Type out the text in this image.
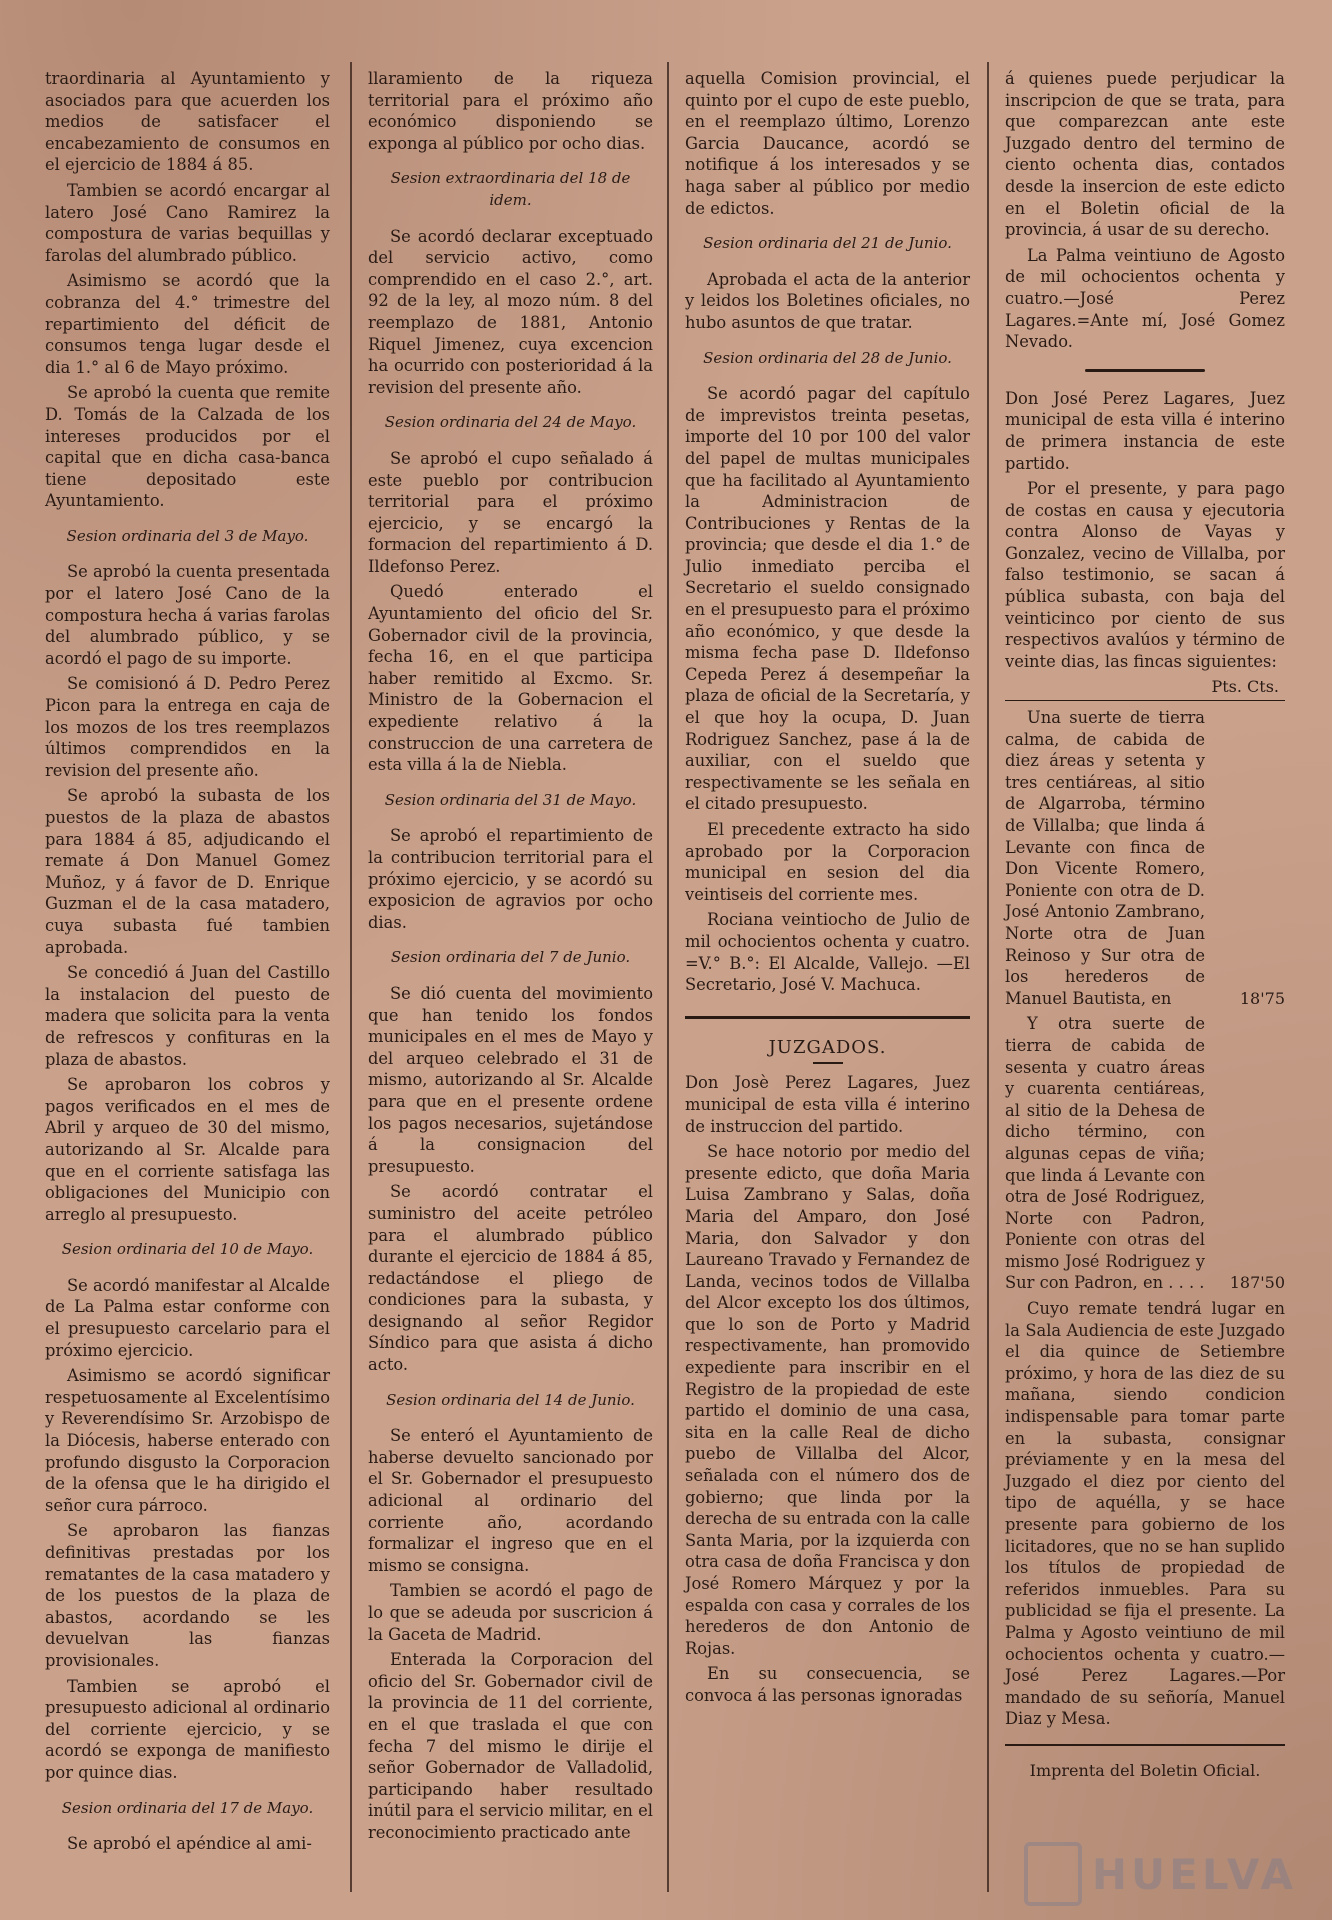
traordinaria al Ayuntamiento y asociados para que acuerden los medios de satisfacer el encabezamiento de consumos en el ejercicio de 1884 á 85.

Tambien se acordó encargar al latero José Cano Ramirez la compostura de varias bequillas y farolas del alumbrado público.

Asimismo se acordó que la cobranza del 4.° trimestre del repartimiento del déficit de consumos tenga lugar desde el dia 1.° al 6 de Mayo próximo.

Se aprobó la cuenta que remite D. Tomás de la Calzada de los intereses producidos por el capital que en dicha casa-banca tiene depositado este Ayuntamiento.

Sesion ordinaria del 3 de Mayo.

Se aprobó la cuenta presentada por el latero José Cano de la compostura hecha á varias farolas del alumbrado público, y se acordó el pago de su importe.

Se comisionó á D. Pedro Perez Picon para la entrega en caja de los mozos de los tres reemplazos últimos comprendidos en la revision del presente año.

Se aprobó la subasta de los puestos de la plaza de abastos para 1884 á 85, adjudicando el remate á Don Manuel Gomez Muñoz, y á favor de D. Enrique Guzman el de la casa matadero, cuya subasta fué tambien aprobada.

Se concedió á Juan del Castillo la instalacion del puesto de madera que solicita para la venta de refrescos y confituras en la plaza de abastos.

Se aprobaron los cobros y pagos verificados en el mes de Abril y arqueo de 30 del mismo, autorizando al Sr. Alcalde para que en el corriente satisfaga las obligaciones del Municipio con arreglo al presupuesto.

Sesion ordinaria del 10 de Mayo.

Se acordó manifestar al Alcalde de La Palma estar conforme con el presupuesto carcelario para el próximo ejercicio.

Asimismo se acordó significar respetuosamente al Excelentísimo y Reverendísimo Sr. Arzobispo de la Diócesis, haberse enterado con profundo disgusto la Corporacion de la ofensa que le ha dirigido el señor cura párroco.

Se aprobaron las fianzas definitivas prestadas por los rematantes de la casa matadero y de los puestos de la plaza de abastos, acordando se les devuelvan las fianzas provisionales.

Tambien se aprobó el presupuesto adicional al ordinario del corriente ejercicio, y se acordó se exponga de manifiesto por quince dias.

Sesion ordinaria del 17 de Mayo.

Se aprobó el apéndice al ami-

llaramiento de la riqueza territorial para el próximo año económico disponiendo se exponga al público por ocho dias.

Sesion extraordinaria del 18 de idem.

Se acordó declarar exceptuado del servicio activo, como comprendido en el caso 2.°, art. 92 de la ley, al mozo núm. 8 del reemplazo de 1881, Antonio Riquel Jimenez, cuya excencion ha ocurrido con posterioridad á la revision del presente año.

Sesion ordinaria del 24 de Mayo.

Se aprobó el cupo señalado á este pueblo por contribucion territorial para el próximo ejercicio, y se encargó la formacion del repartimiento á D. Ildefonso Perez.

Quedó enterado el Ayuntamiento del oficio del Sr. Gobernador civil de la provincia, fecha 16, en el que participa haber remitido al Excmo. Sr. Ministro de la Gobernacion el expediente relativo á la construccion de una carretera de esta villa á la de Niebla.

Sesion ordinaria del 31 de Mayo.

Se aprobó el repartimiento de la contribucion territorial para el próximo ejercicio, y se acordó su exposicion de agravios por ocho dias.

Sesion ordinaria del 7 de Junio.

Se dió cuenta del movimiento que han tenido los fondos municipales en el mes de Mayo y del arqueo celebrado el 31 de mismo, autorizando al Sr. Alcalde para que en el presente ordene los pagos necesarios, sujetándose á la consignacion del presupuesto.

Se acordó contratar el suministro del aceite petróleo para el alumbrado público durante el ejercicio de 1884 á 85, redactándose el pliego de condiciones para la subasta, y designando al señor Regidor Síndico para que asista á dicho acto.

Sesion ordinaria del 14 de Junio.

Se enteró el Ayuntamiento de haberse devuelto sancionado por el Sr. Gobernador el presupuesto adicional al ordinario del corriente año, acordando formalizar el ingreso que en el mismo se consigna.

Tambien se acordó el pago de lo que se adeuda por suscricion á la Gaceta de Madrid.

Enterada la Corporacion del oficio del Sr. Gobernador civil de la provincia de 11 del corriente, en el que traslada el que con fecha 7 del mismo le dirije el señor Gobernador de Valladolid, participando haber resultado inútil para el servicio militar, en el reconocimiento practicado ante

aquella Comision provincial, el quinto por el cupo de este pueblo, en el reemplazo último, Lorenzo Garcia Daucance, acordó se notifique á los interesados y se haga saber al público por medio de edictos.

Sesion ordinaria del 21 de Junio.

Aprobada el acta de la anterior y leidos los Boletines oficiales, no hubo asuntos de que tratar.

Sesion ordinaria del 28 de Junio.

Se acordó pagar del capítulo de imprevistos treinta pesetas, importe del 10 por 100 del valor del papel de multas municipales que ha facilitado al Ayuntamiento la Administracion de Contribuciones y Rentas de la provincia; que desde el dia 1.° de Julio inmediato perciba el Secretario el sueldo consignado en el presupuesto para el próximo año económico, y que desde la misma fecha pase D. Ildefonso Cepeda Perez á desempeñar la plaza de oficial de la Secretaría, y el que hoy la ocupa, D. Juan Rodriguez Sanchez, pase á la de auxiliar, con el sueldo que respectivamente se les señala en el citado presupuesto.

El precedente extracto ha sido aprobado por la Corporacion municipal en sesion del dia veintiseis del corriente mes.

Rociana veintiocho de Julio de mil ochocientos ochenta y cuatro. =V.° B.°: El Alcalde, Vallejo. —El Secretario, José V. Machuca.

JUZGADOS.

Don Josè Perez Lagares, Juez municipal de esta villa é interino de instruccion del partido.

Se hace notorio por medio del presente edicto, que doña Maria Luisa Zambrano y Salas, doña Maria del Amparo, don José Maria, don Salvador y don Laureano Travado y Fernandez de Landa, vecinos todos de Villalba del Alcor excepto los dos últimos, que lo son de Porto y Madrid respectivamente, han promovido expediente para inscribir en el Registro de la propiedad de este partido el dominio de una casa, sita en la calle Real de dicho puebo de Villalba del Alcor, señalada con el número dos de gobierno; que linda por la derecha de su entrada con la calle Santa Maria, por la izquierda con otra casa de doña Francisca y don José Romero Márquez y por la espalda con casa y corrales de los herederos de don Antonio de Rojas.

En su consecuencia, se convoca á las personas ignoradas

á quienes puede perjudicar la inscripcion de que se trata, para que comparezcan ante este Juzgado dentro del termino de ciento ochenta dias, contados desde la insercion de este edicto en el Boletin oficial de la provincia, á usar de su derecho.

La Palma veintiuno de Agosto de mil ochocientos ochenta y cuatro.—José Perez Lagares.=Ante mí, José Gomez Nevado.

Don José Perez Lagares, Juez municipal de esta villa é interino de primera instancia de este partido.

Por el presente, y para pago de costas en causa y ejecutoria contra Alonso de Vayas y Gonzalez, vecino de Villalba, por falso testimonio, se sacan á pública subasta, con baja del veinticinco por ciento de sus respectivos avalúos y término de veinte dias, las fincas siguientes:

Pts. Cts.
Una suerte de tierra calma, de cabida de diez áreas y setenta y tres centiáreas, al sitio de Algarroba, término de Villalba; que linda á Levante con finca de Don Vicente Romero, Poniente con otra de D. José Antonio Zambrano, Norte otra de Juan Reinoso y Sur otra de los herederos de Manuel Bautista, en	18'75
Y otra suerte de tierra de cabida de sesenta y cuatro áreas y cuarenta centiáreas, al sitio de la Dehesa de dicho término, con algunas cepas de viña; que linda á Levante con otra de José Rodriguez, Norte con Padron, Poniente con otras del mismo José Rodriguez y Sur con Padron, en . . . .	187'50

Cuyo remate tendrá lugar en la Sala Audiencia de este Juzgado el dia quince de Setiembre próximo, y hora de las diez de su mañana, siendo condicion indispensable para tomar parte en la subasta, consignar préviamente y en la mesa del Juzgado el diez por ciento del tipo de aquélla, y se hace presente para gobierno de los licitadores, que no se han suplido los títulos de propiedad de referidos inmuebles. Para su publicidad se fija el presente. La Palma y Agosto veintiuno de mil ochocientos ochenta y cuatro.—José Perez Lagares.—Por mandado de su señoría, Manuel Diaz y Mesa.

Imprenta del Boletin Oficial.
HUELVA
